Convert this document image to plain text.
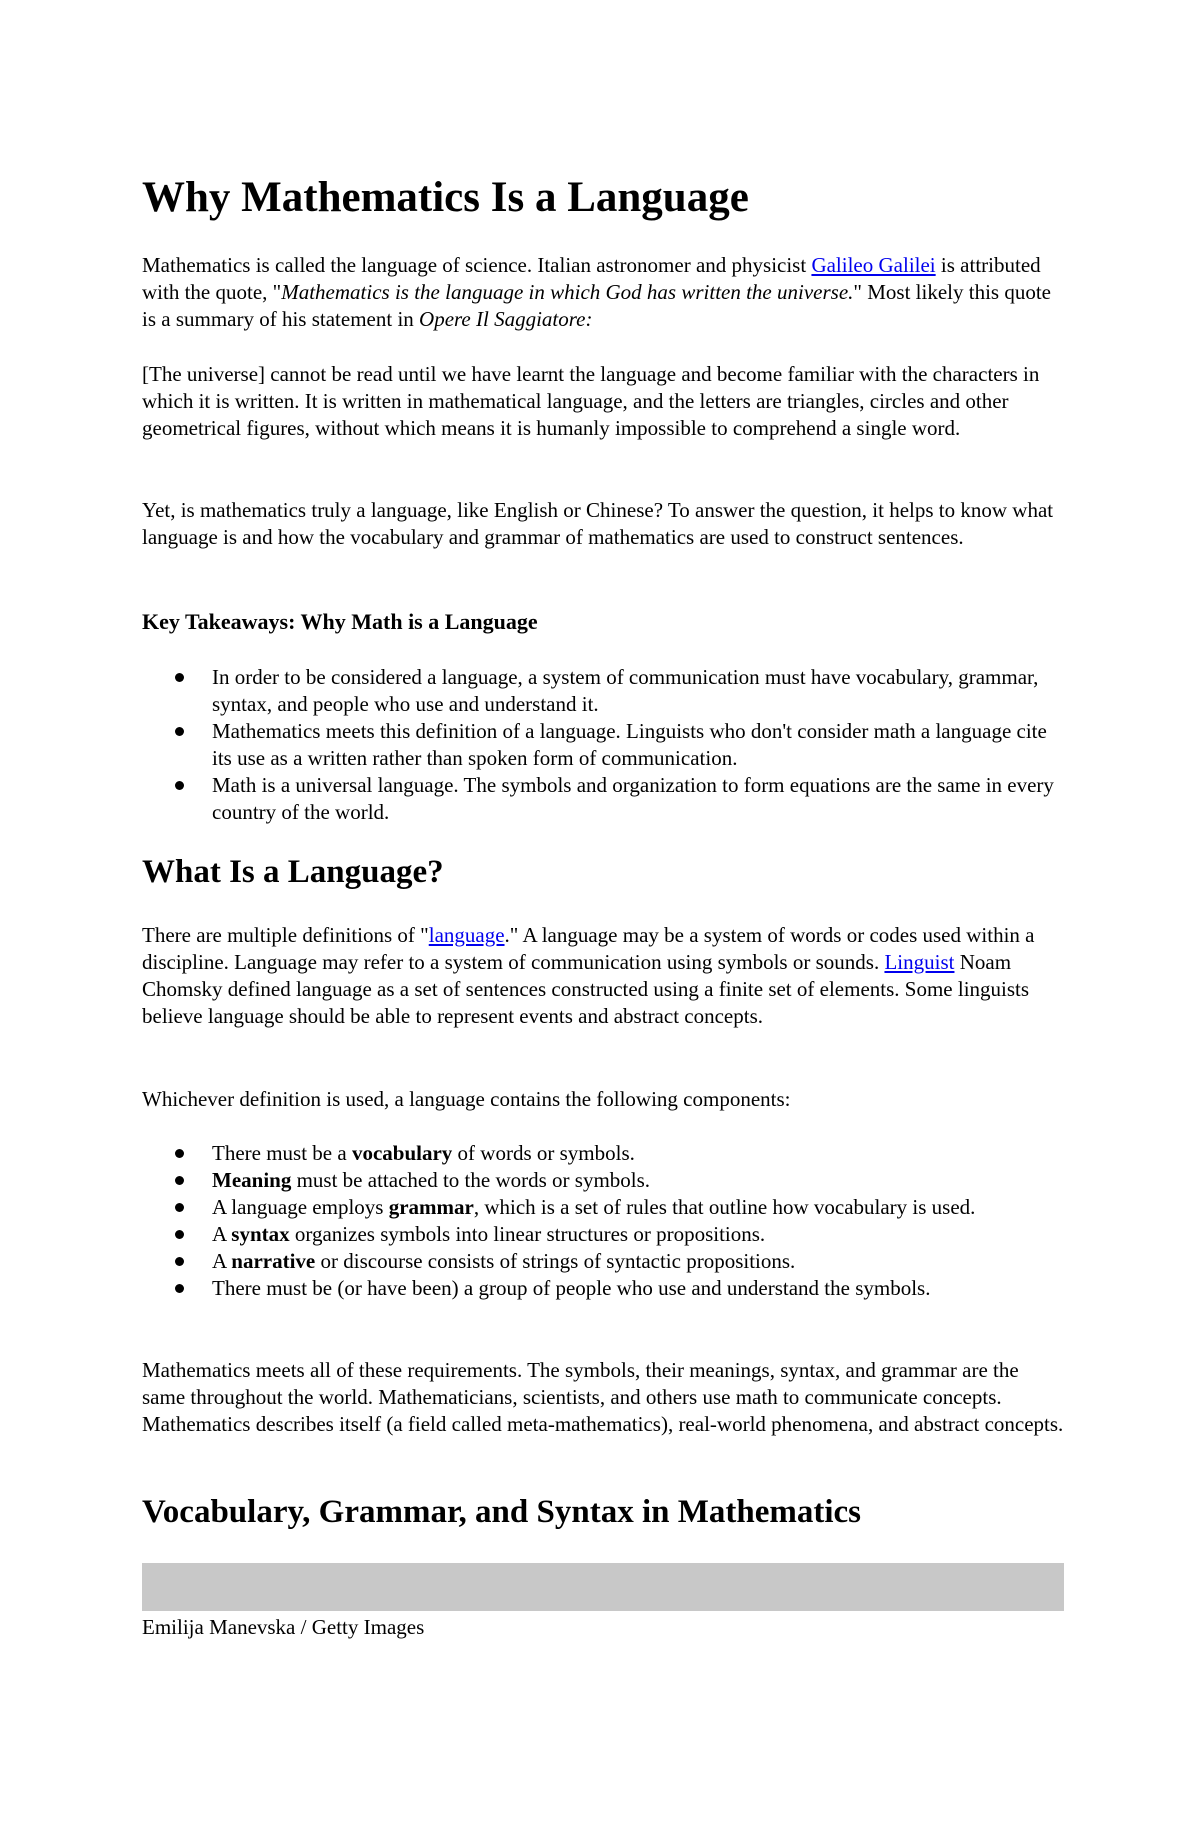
Why Mathematics Is a Language

Mathematics is called the language of science. Italian astronomer and physicist Galileo Galilei is attributed with the quote, "Mathematics is the language in which God has written the universe." Most likely this quote is a summary of his statement in Opere Il Saggiatore:

[The universe] cannot be read until we have learnt the language and become familiar with the characters in which it is written. It is written in mathematical language, and the letters are triangles, circles and other geometrical figures, without which means it is humanly impossible to comprehend a single word.

Yet, is mathematics truly a language, like English or Chinese? To answer the question, it helps to know what language is and how the vocabulary and grammar of mathematics are used to construct sentences.

Key Takeaways: Why Math is a Language
In order to be considered a language, a system of communication must have vocabulary, grammar, syntax, and people who use and understand it.
Mathematics meets this definition of a language. Linguists who don't consider math a language cite its use as a written rather than spoken form of communication.
Math is a universal language. The symbols and organization to form equations are the same in every country of the world.
What Is a Language?

There are multiple definitions of "language." A language may be a system of words or codes used within a discipline. Language may refer to a system of communication using symbols or sounds. Linguist Noam Chomsky defined language as a set of sentences constructed using a finite set of elements. Some linguists believe language should be able to represent events and abstract concepts.

Whichever definition is used, a language contains the following components:

There must be a vocabulary of words or symbols.
Meaning must be attached to the words or symbols.
A language employs grammar, which is a set of rules that outline how vocabulary is used.
A syntax organizes symbols into linear structures or propositions.
A narrative or discourse consists of strings of syntactic propositions.
There must be (or have been) a group of people who use and understand the symbols.

Mathematics meets all of these requirements. The symbols, their meanings, syntax, and grammar are the same throughout the world. Mathematicians, scientists, and others use math to communicate concepts. Mathematics describes itself (a field called meta-mathematics), real-world phenomena, and abstract concepts.

Vocabulary, Grammar, and Syntax in Mathematics

Emilija Manevska / Getty Images
